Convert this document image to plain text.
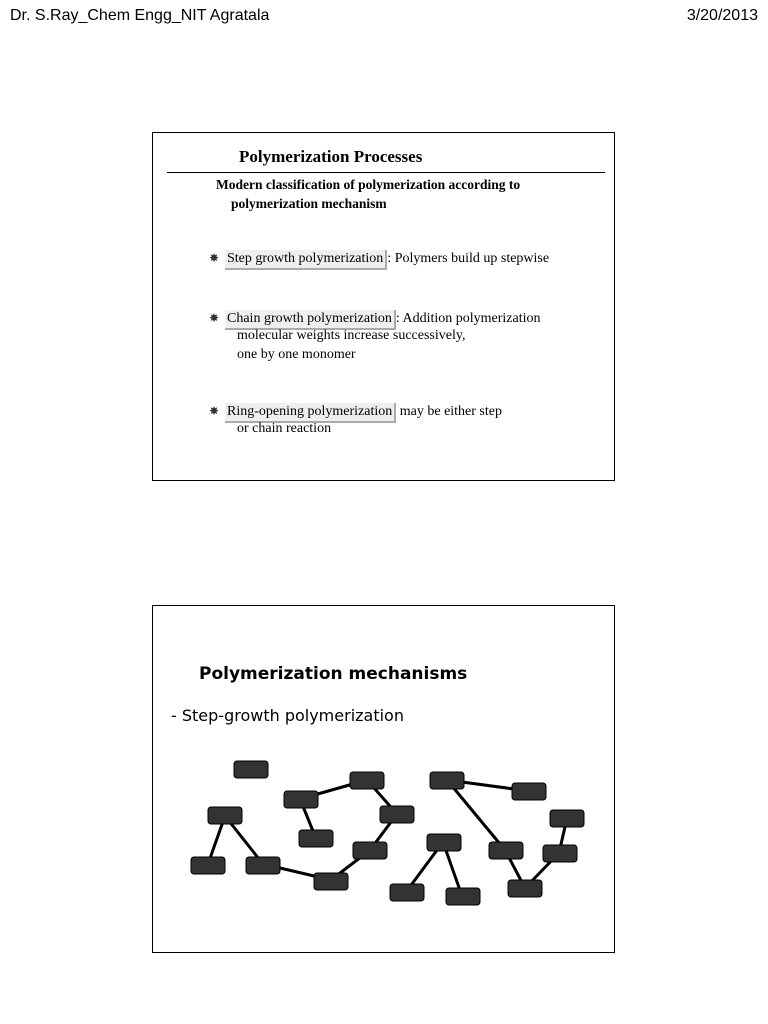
Dr. S.Ray_Chem Engg_NIT Agratala	3/20/2013
Polymerization Processes
Modern classification of polymerization according to
polymerization mechanism
✸ Step growth polymerization : Polymers build up stepwise
✸ Chain growth polymerization : Addition polymerization
molecular weights increase successively,
one by one monomer
✸ Ring-opening polymerization may be either step
or chain reaction
Polymerization mechanisms
- Step-growth polymerization
